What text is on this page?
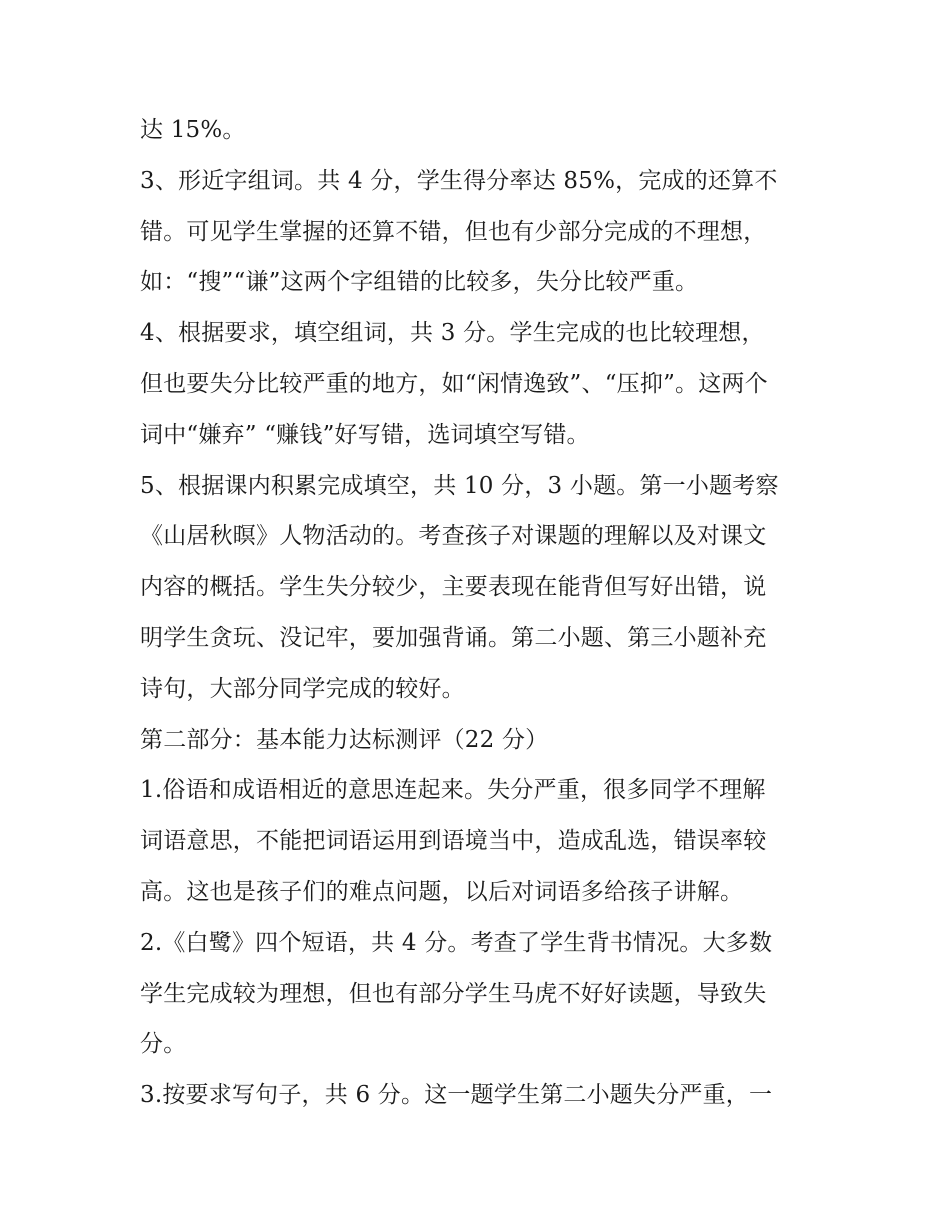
达 15%。
3、形近字组词。共 4 分，学生得分率达 85%，完成的还算不
错。可见学生掌握的还算不错，但也有少部分完成的不理想，
如：“搜”“谦”这两个字组错的比较多，失分比较严重。
4、根据要求，填空组词，共 3 分。学生完成的也比较理想，
但也要失分比较严重的地方，如“闲情逸致”、“压抑”。这两个
词中“嫌弃” “赚钱”好写错，选词填空写错。
5、根据课内积累完成填空，共 10 分，3 小题。第一小题考察
《山居秋暝》人物活动的。考查孩子对课题的理解以及对课文
内容的概括。学生失分较少，主要表现在能背但写好出错，说
明学生贪玩、没记牢，要加强背诵。第二小题、第三小题补充
诗句，大部分同学完成的较好。
第二部分：基本能力达标测评（22 分）
1.俗语和成语相近的意思连起来。失分严重，很多同学不理解
词语意思，不能把词语运用到语境当中，造成乱选，错误率较
高。这也是孩子们的难点问题，以后对词语多给孩子讲解。
2.《白鹭》四个短语，共 4 分。考查了学生背书情况。大多数
学生完成较为理想，但也有部分学生马虎不好好读题，导致失
分。
3.按要求写句子，共 6 分。这一题学生第二小题失分严重，一
